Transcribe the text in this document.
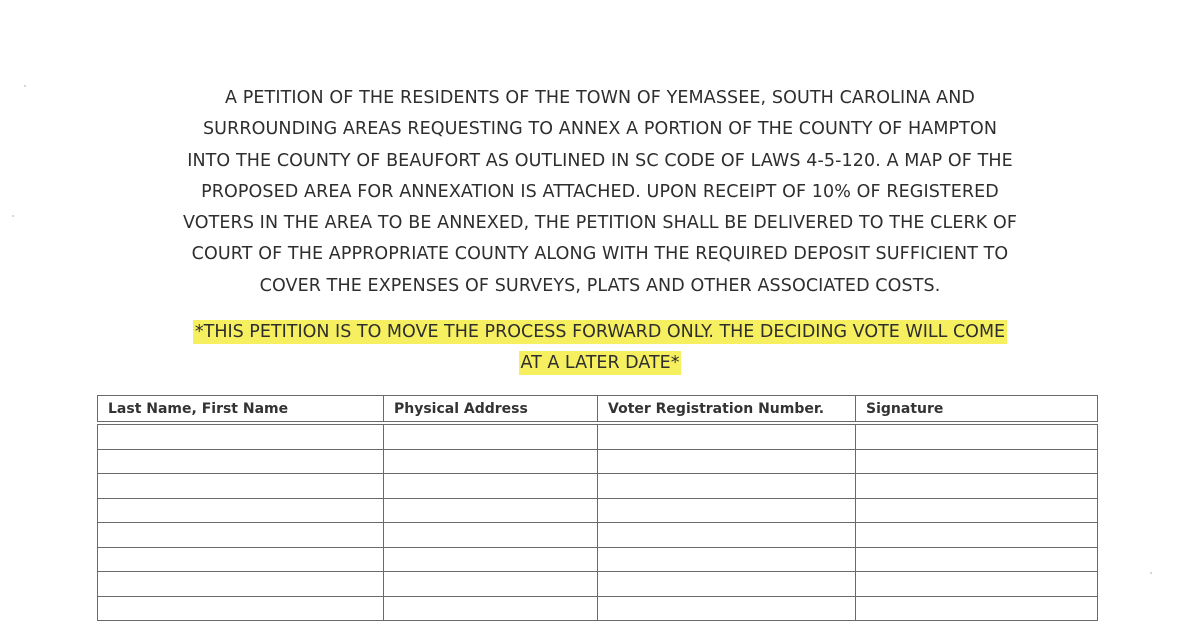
A PETITION OF THE RESIDENTS OF THE TOWN OF YEMASSEE, SOUTH CAROLINA AND
SURROUNDING AREAS REQUESTING TO ANNEX A PORTION OF THE COUNTY OF HAMPTON
INTO THE COUNTY OF BEAUFORT AS OUTLINED IN SC CODE OF LAWS 4-5-120. A MAP OF THE
PROPOSED AREA FOR ANNEXATION IS ATTACHED. UPON RECEIPT OF 10% OF REGISTERED
VOTERS IN THE AREA TO BE ANNEXED, THE PETITION SHALL BE DELIVERED TO THE CLERK OF
COURT OF THE APPROPRIATE COUNTY ALONG WITH THE REQUIRED DEPOSIT SUFFICIENT TO
COVER THE EXPENSES OF SURVEYS, PLATS AND OTHER ASSOCIATED COSTS.
*THIS PETITION IS TO MOVE THE PROCESS FORWARD ONLY. THE DECIDING VOTE WILL COME
AT A LATER DATE*
Last Name, First Name	Physical Address	Voter Registration Number.	Signature
